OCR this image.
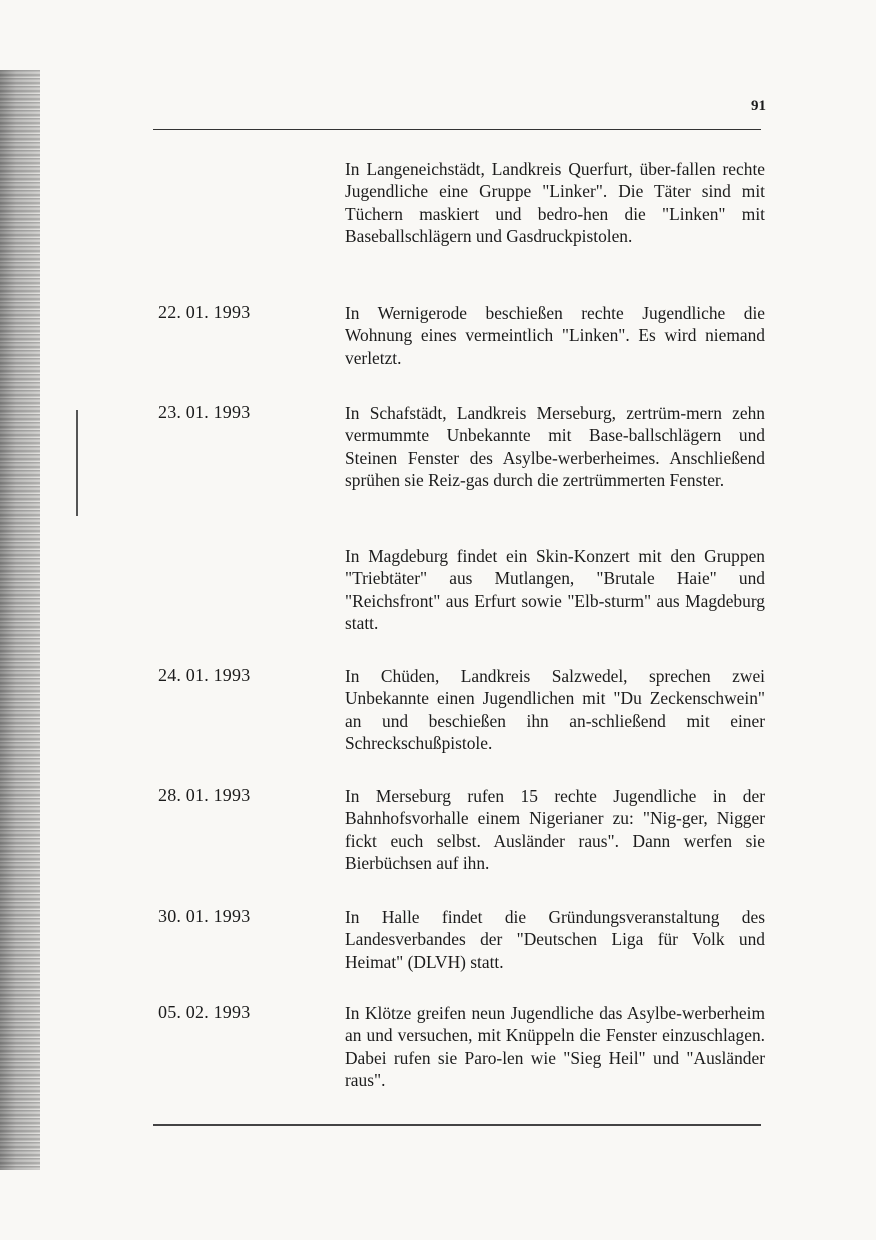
91
In Langeneichstädt, Landkreis Querfurt, über-fallen rechte Jugendliche eine Gruppe "Linker". Die Täter sind mit Tüchern maskiert und bedro-hen die "Linken" mit Baseballschlägern und Gasdruckpistolen.
22. 01. 1993	In Wernigerode beschießen rechte Jugendliche die Wohnung eines vermeintlich "Linken". Es wird niemand verletzt.
23. 01. 1993	In Schafstädt, Landkreis Merseburg, zertrüm-mern zehn vermummte Unbekannte mit Base-ballschlägern und Steinen Fenster des Asylbe-werberheimes. Anschließend sprühen sie Reiz-gas durch die zertrümmerten Fenster.
In Magdeburg findet ein Skin-Konzert mit den Gruppen "Triebtäter" aus Mutlangen, "Brutale Haie" und "Reichsfront" aus Erfurt sowie "Elb-sturm" aus Magdeburg statt.
24. 01. 1993	In Chüden, Landkreis Salzwedel, sprechen zwei Unbekannte einen Jugendlichen mit "Du Zeckenschwein" an und beschießen ihn an-schließend mit einer Schreckschußpistole.
28. 01. 1993	In Merseburg rufen 15 rechte Jugendliche in der Bahnhofsvorhalle einem Nigerianer zu: "Nig-ger, Nigger fickt euch selbst. Ausländer raus". Dann werfen sie Bierbüchsen auf ihn.
30. 01. 1993	In Halle findet die Gründungsveranstaltung des Landesverbandes der "Deutschen Liga für Volk und Heimat" (DLVH) statt.
05. 02. 1993	In Klötze greifen neun Jugendliche das Asylbe-werberheim an und versuchen, mit Knüppeln die Fenster einzuschlagen. Dabei rufen sie Paro-len wie "Sieg Heil" und "Ausländer raus".
